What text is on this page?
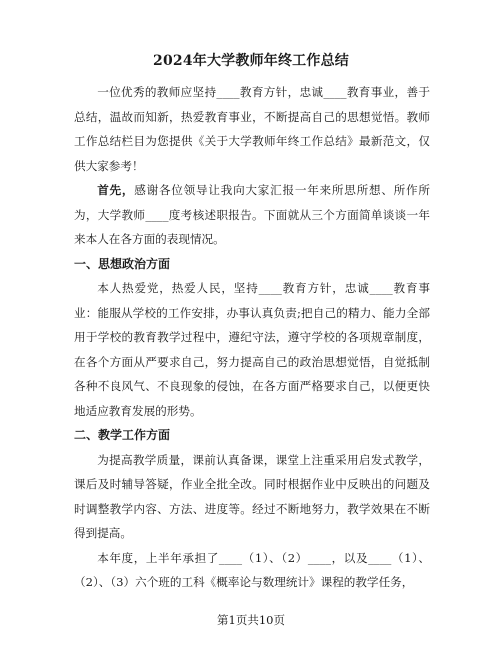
2024年大学教师年终工作总结

一位优秀的教师应坚持____教育方针，忠诚____教育事业，善于总结，温故而知新，热爱教育事业，不断提高自己的思想觉悟。教师工作总结栏目为您提供《关于大学教师年终工作总结》最新范文，仅供大家参考！

首先，感谢各位领导让我向大家汇报一年来所思所想、所作所为，大学教师____度考核述职报告。下面就从三个方面简单谈谈一年来本人在各方面的表现情况。

一、思想政治方面

本人热爱党，热爱人民，坚持____教育方针，忠诚____教育事业：能服从学校的工作安排，办事认真负责;把自己的精力、能力全部用于学校的教育教学过程中，遵纪守法，遵守学校的各项规章制度，在各个方面从严要求自己，努力提高自己的政治思想觉悟，自觉抵制各种不良风气、不良现象的侵蚀，在各方面严格要求自己，以便更快地适应教育发展的形势。

二、教学工作方面

为提高教学质量，课前认真备课，课堂上注重采用启发式教学，课后及时辅导答疑，作业全批全改。同时根据作业中反映出的问题及时调整教学内容、方法、进度等。经过不断地努力，教学效果在不断得到提高。

本年度，上半年承担了____（1）、（2）____，以及____（1）、（2）、（3）六个班的工科《概率论与数理统计》课程的教学任务，

第1页共10页
